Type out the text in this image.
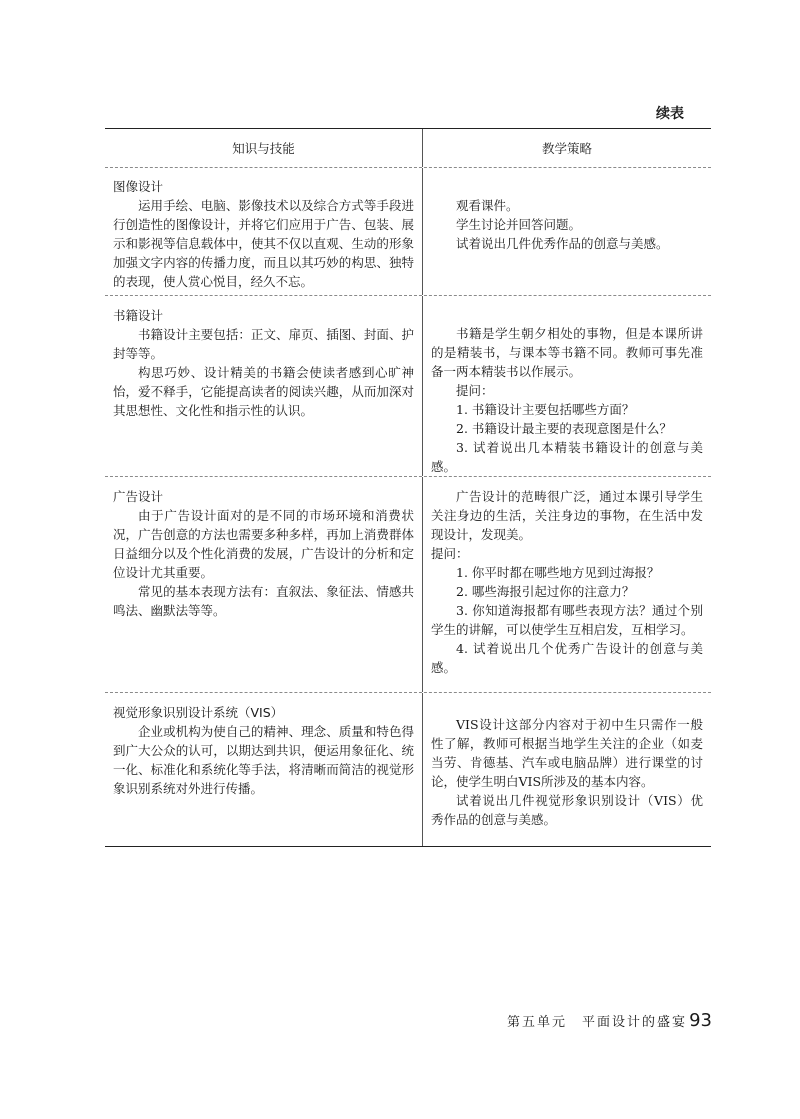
续表
知识与技能	教学策略
图像设计

运用手绘、电脑、影像技术以及综合方式等手段进行创造性的图像设计，并将它们应用于广告、包装、展示和影视等信息载体中，使其不仅以直观、生动的形象加强文字内容的传播力度，而且以其巧妙的构思、独特的表现，使人赏心悦目，经久不忘。

观看课件。

学生讨论并回答问题。

试着说出几件优秀作品的创意与美感。

书籍设计

书籍设计主要包括：正文、扉页、插图、封面、护封等等。

构思巧妙、设计精美的书籍会使读者感到心旷神怡，爱不释手，它能提高读者的阅读兴趣，从而加深对其思想性、文化性和指示性的认识。

书籍是学生朝夕相处的事物，但是本课所讲的是精装书，与课本等书籍不同。教师可事先准备一两本精装书以作展示。

提问：

1. 书籍设计主要包括哪些方面？

2. 书籍设计最主要的表现意图是什么？

3. 试着说出几本精装书籍设计的创意与美感。

广告设计

由于广告设计面对的是不同的市场环境和消费状况，广告创意的方法也需要多种多样，再加上消费群体日益细分以及个性化消费的发展，广告设计的分析和定位设计尤其重要。

常见的基本表现方法有：直叙法、象征法、情感共鸣法、幽默法等等。

广告设计的范畴很广泛，通过本课引导学生关注身边的生活，关注身边的事物，在生活中发现设计，发现美。

提问：

1. 你平时都在哪些地方见到过海报？

2. 哪些海报引起过你的注意力？

3. 你知道海报都有哪些表现方法？通过个别学生的讲解，可以使学生互相启发，互相学习。

4. 试着说出几个优秀广告设计的创意与美感。

视觉形象识别设计系统（VIS）

企业或机构为使自己的精神、理念、质量和特色得到广大公众的认可，以期达到共识，便运用象征化、统一化、标准化和系统化等手法，将清晰而简洁的视觉形象识别系统对外进行传播。

VIS设计这部分内容对于初中生只需作一般性了解，教师可根据当地学生关注的企业（如麦当劳、肯德基、汽车或电脑品牌）进行课堂的讨论，使学生明白VIS所涉及的基本内容。

试着说出几件视觉形象识别设计（VIS）优秀作品的创意与美感。

第五单元　平面设计的盛宴 93
